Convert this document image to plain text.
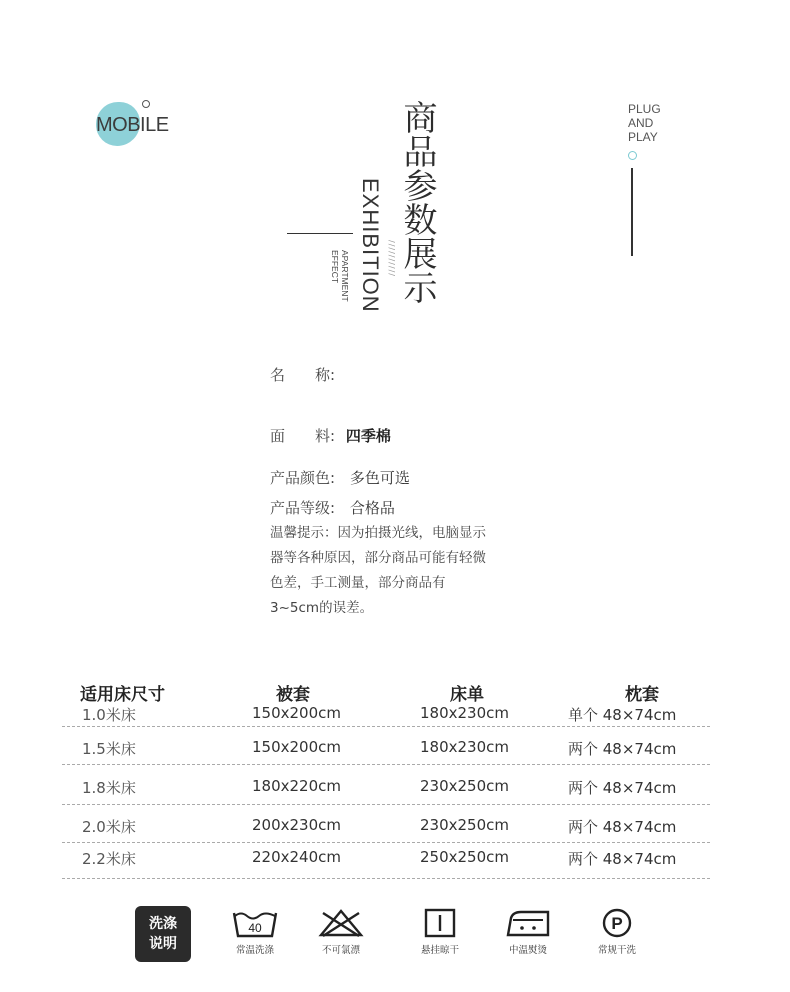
MOBILE
PLUG
AND
PLAY
APARTMENT
EFFECT EXHIBITION ////////// 商品参数展示
名　　称:
面　　料: 四季棉
产品颜色: 多色可选
产品等级: 合格品
温馨提示：因为拍摄光线，电脑显示器等各种原因，部分商品可能有轻微色差，手工测量，部分商品有3~5cm的误差。
适用床尺寸	被套	床单	枕套
1.0米床	150x200cm	180x230cm	单个 48×74cm
1.5米床	150x200cm	180x230cm	两个 48×74cm
1.8米床	180x220cm	230x250cm	两个 48×74cm
2.0米床	200x230cm	230x250cm	两个 48×74cm
2.2米床	220x240cm	250x250cm	两个 48×74cm
洗涤
说明
40
常温洗涤	不可氯漂	悬挂晾干	中温熨烫
P
常规干洗
